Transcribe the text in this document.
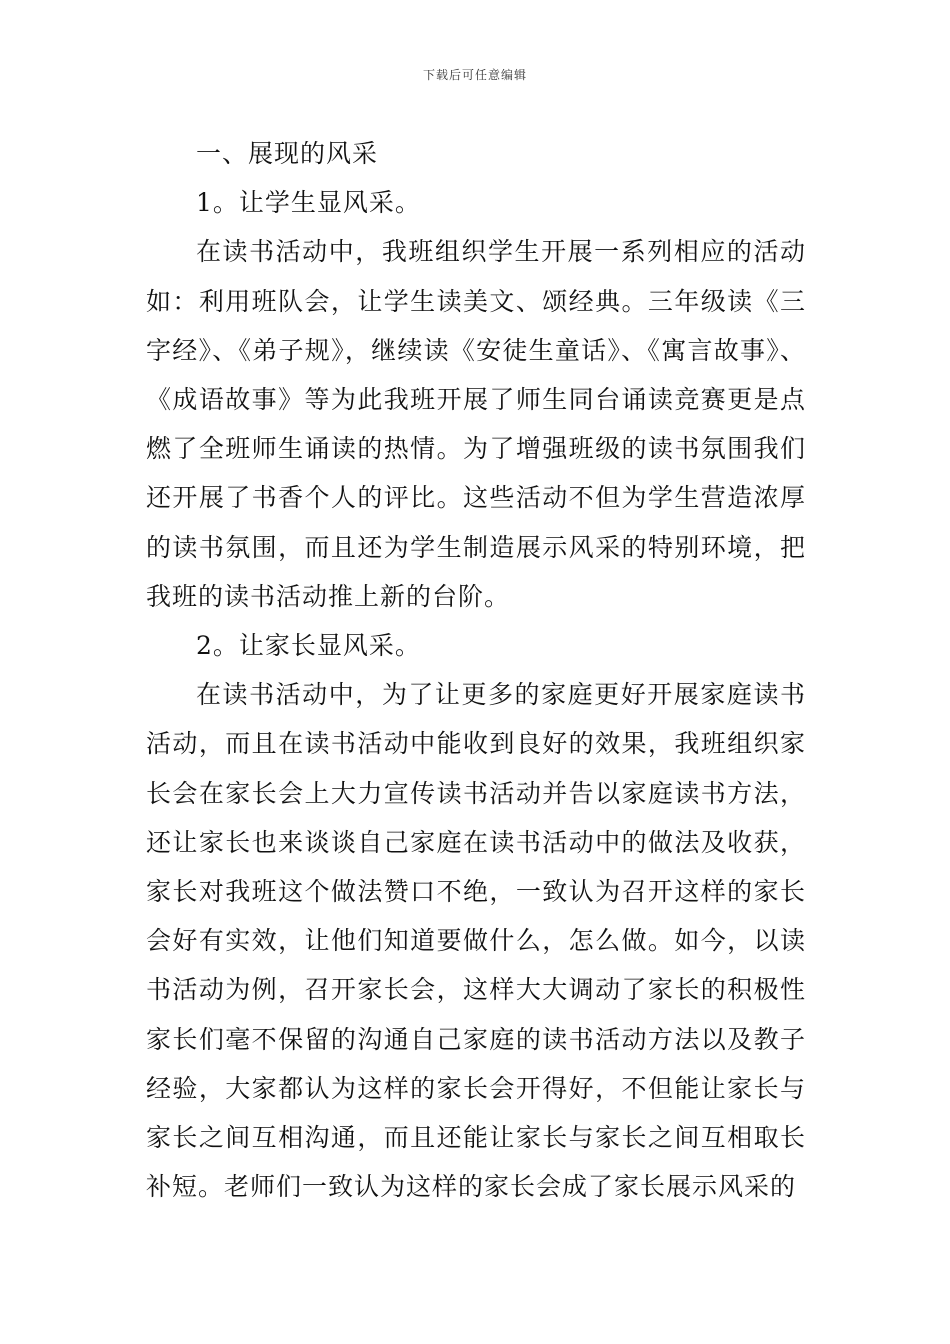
下载后可任意编辑

一、展现的风采

1。让学生显风采。

在读书活动中，我班组织学生开展一系列相应的活动如：利用班队会，让学生读美文、颂经典。三年级读《三字经》、《弟子规》，继续读《安徒生童话》、《寓言故事》、《成语故事》等为此我班开展了师生同台诵读竞赛更是点燃了全班师生诵读的热情。为了增强班级的读书氛围我们还开展了书香个人的评比。这些活动不但为学生营造浓厚的读书氛围，而且还为学生制造展示风采的特别环境，把我班的读书活动推上新的台阶。

2。让家长显风采。

在读书活动中，为了让更多的家庭更好开展家庭读书活动，而且在读书活动中能收到良好的效果，我班组织家长会在家长会上大力宣传读书活动并告以家庭读书方法，还让家长也来谈谈自己家庭在读书活动中的做法及收获，家长对我班这个做法赞口不绝，一致认为召开这样的家长会好有实效，让他们知道要做什么，怎么做。如今，以读书活动为例，召开家长会，这样大大调动了家长的积极性家长们毫不保留的沟通自己家庭的读书活动方法以及教子经验，大家都认为这样的家长会开得好，不但能让家长与家长之间互相沟通，而且还能让家长与家长之间互相取长补短。老师们一致认为这样的家长会成了家长展示风采的
